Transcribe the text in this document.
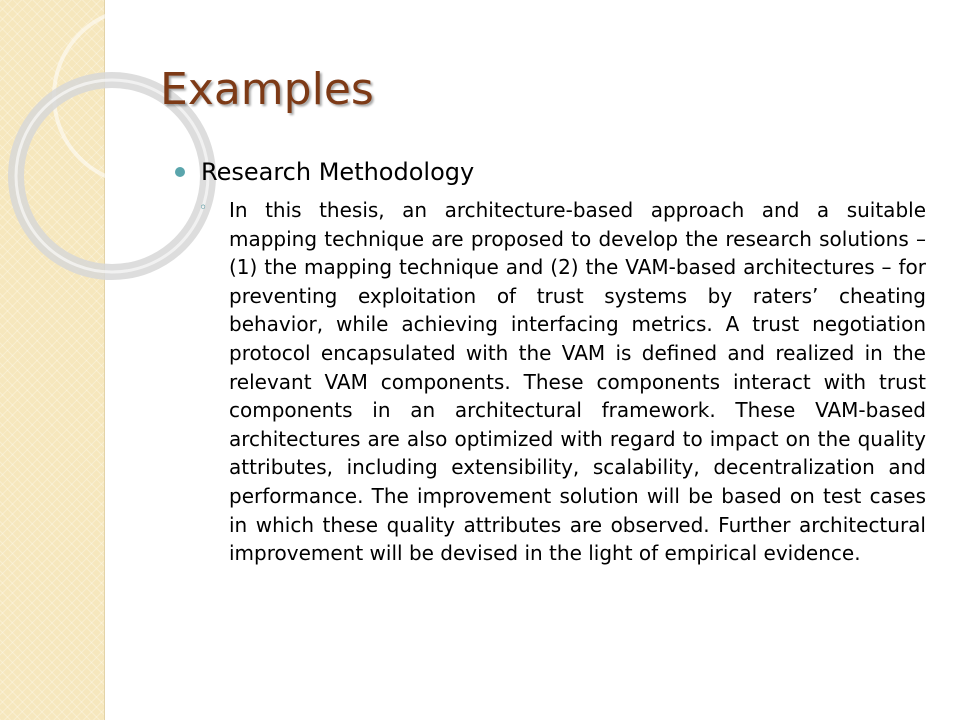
Examples
Research Methodology
◦ In this thesis, an architecture-based approach and a suitable mapping technique are proposed to develop the research solutions – (1) the mapping technique and (2) the VAM-based architectures – for preventing exploitation of trust systems by raters’ cheating behavior, while achieving interfacing metrics. A trust negotiation protocol encapsulated with the VAM is defined and realized in the relevant VAM components. These components interact with trust components in an architectural framework. These VAM-based architectures are also optimized with regard to impact on the quality attributes, including extensibility, scalability, decentralization and performance. The improvement solution will be based on test cases in which these quality attributes are observed. Further architectural improvement will be devised in the light of empirical evidence.
